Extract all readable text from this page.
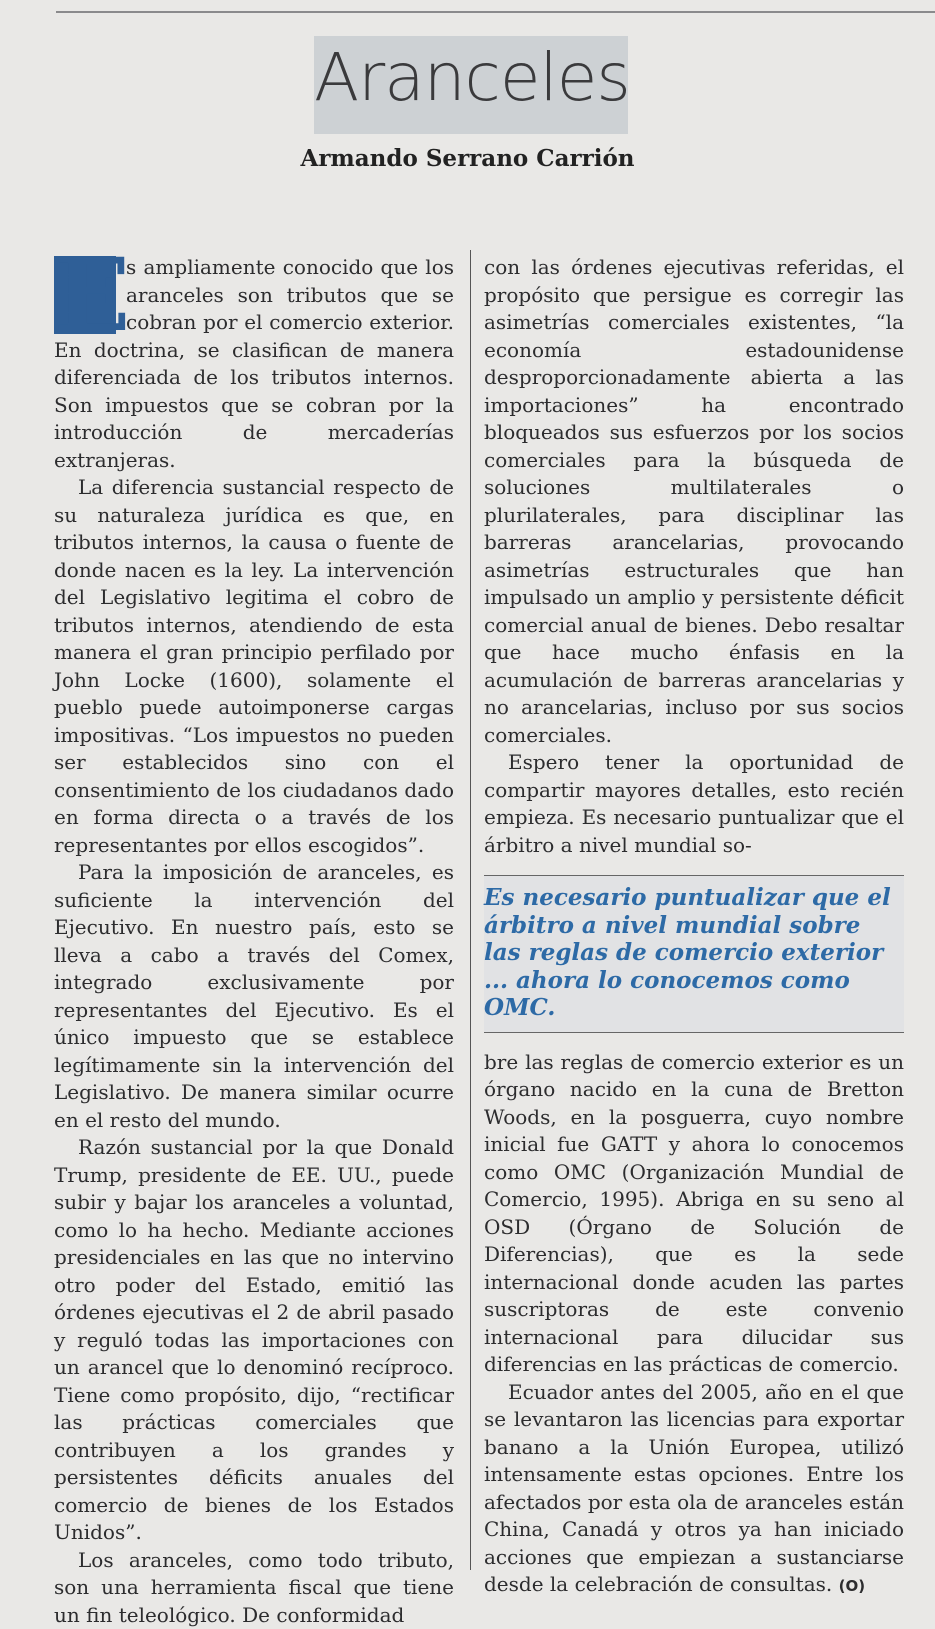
Aranceles
Armando Serrano Carrión

E
s ampliamente conocido que los aranceles son tributos que se cobran por el comercio exterior. En doctrina, se clasifican de manera diferenciada de los tributos internos. Son impuestos que se cobran por la introducción de mercaderías extranjeras.

La diferencia sustancial respecto de su naturaleza jurídica es que, en tributos internos, la causa o fuente de donde nacen es la ley. La intervención del Legislativo legitima el cobro de tributos internos, atendiendo de esta manera el gran principio perfilado por John Locke (1600), solamente el pueblo puede autoimponerse cargas impositivas. “Los impuestos no pueden ser establecidos sino con el consentimiento de los ciudadanos dado en forma directa o a través de los representantes por ellos escogidos”.

Para la imposición de aranceles, es suficiente la intervención del Ejecutivo. En nuestro país, esto se lleva a cabo a través del Comex, integrado exclusivamente por representantes del Ejecutivo. Es el único impuesto que se establece legítimamente sin la intervención del Legislativo. De manera similar ocurre en el resto del mundo.

Razón sustancial por la que Donald Trump, presidente de EE. UU., puede subir y bajar los aranceles a voluntad, como lo ha hecho. Mediante acciones presidenciales en las que no intervino otro poder del Estado, emitió las órdenes ejecutivas el 2 de abril pasado y reguló todas las importaciones con un arancel que lo denominó recíproco. Tiene como propósito, dijo, “rectificar las prácticas comerciales que contribuyen a los grandes y persistentes déficits anuales del comercio de bienes de los Estados Unidos”.

Los aranceles, como todo tributo, son una herramienta fiscal que tiene un fin teleológico. De conformidad

con las órdenes ejecutivas referidas, el propósito que persigue es corregir las asimetrías comerciales existentes, “la economía estadounidense desproporcionadamente abierta a las importaciones” ha encontrado bloqueados sus esfuerzos por los socios comerciales para la búsqueda de soluciones multilaterales o plurilaterales, para disciplinar las barreras arancelarias, provocando asimetrías estructurales que han impulsado un amplio y persistente déficit comercial anual de bienes. Debo resaltar que hace mucho énfasis en la acumulación de barreras arancelarias y no arancelarias, incluso por sus socios comerciales.

Espero tener la oportunidad de compartir mayores detalles, esto recién empieza. Es necesario puntualizar que el árbitro a nivel mundial so-

Es necesario puntualizar que el árbitro a nivel mundial sobre las reglas de comercio exterior ... ahora lo conocemos como OMC.

bre las reglas de comercio exterior es un órgano nacido en la cuna de Bretton Woods, en la posguerra, cuyo nombre inicial fue GATT y ahora lo conocemos como OMC (Organización Mundial de Comercio, 1995). Abriga en su seno al OSD (Órgano de Solución de Diferencias), que es la sede internacional donde acuden las partes suscriptoras de este convenio internacional para dilucidar sus diferencias en las prácticas de comercio.

Ecuador antes del 2005, año en el que se levantaron las licencias para exportar banano a la Unión Europea, utilizó intensamente estas opciones. Entre los afectados por esta ola de aranceles están China, Canadá y otros ya han iniciado acciones que empiezan a sustanciarse desde la celebración de consultas. (O)
